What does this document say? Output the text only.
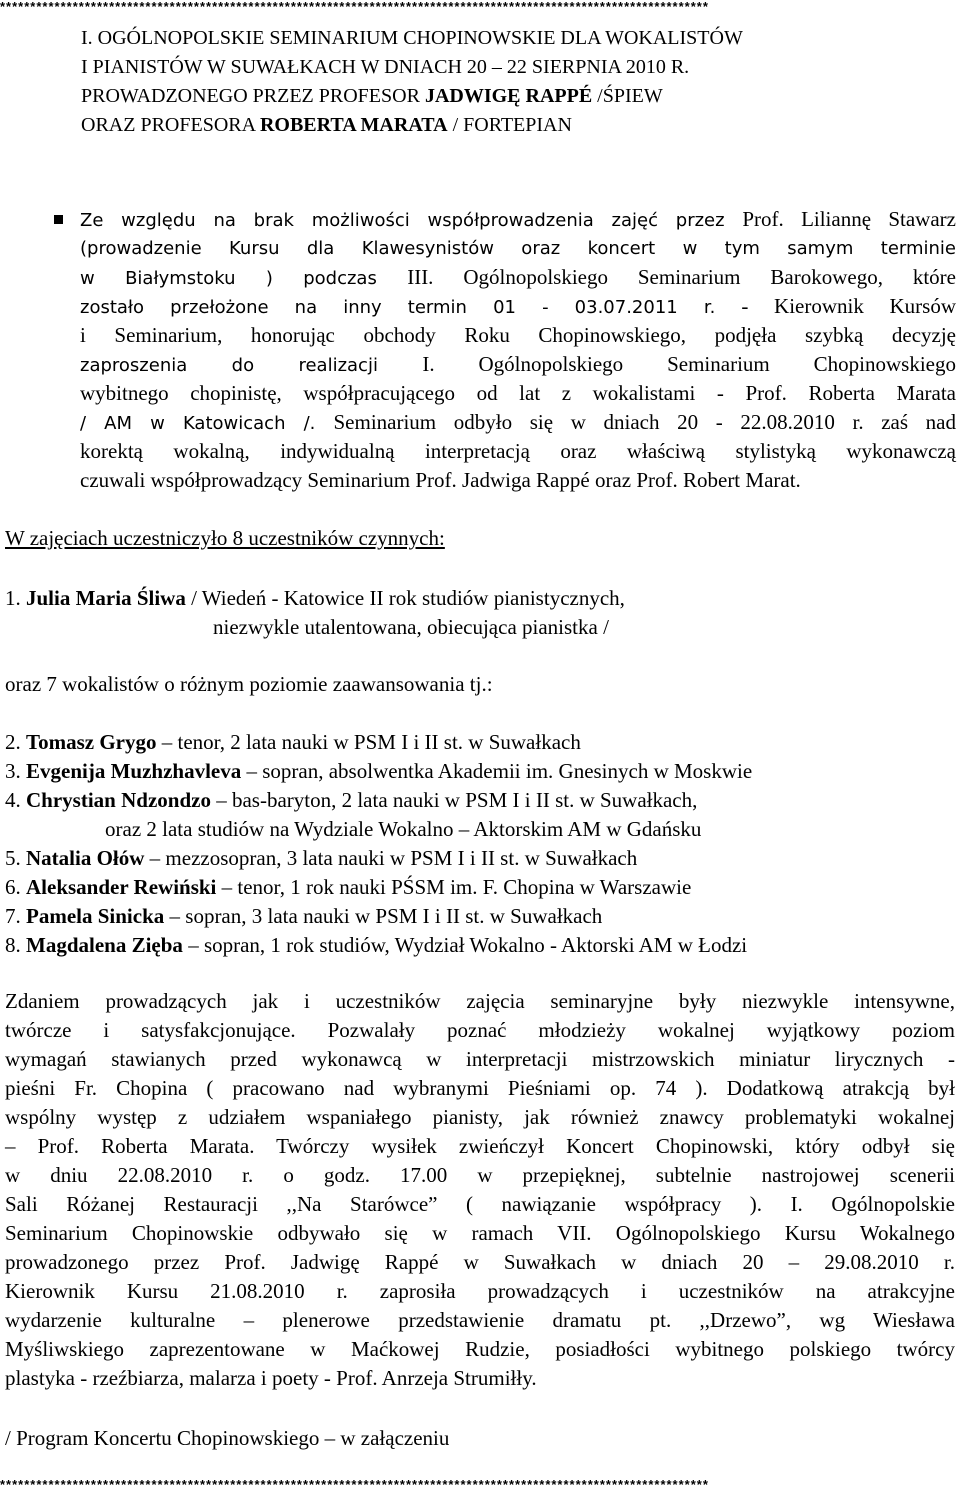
*********************************************************************************************************************
I. OGÓLNOPOLSKIE SEMINARIUM CHOPINOWSKIE DLA WOKALISTÓW
I PIANISTÓW W SUWAŁKACH W DNIACH 20 – 22 SIERPNIA 2010 R.
PROWADZONEGO PRZEZ PROFESOR JADWIGĘ RAPPÉ /ŚPIEW
ORAZ PROFESORA ROBERTA MARATA / FORTEPIAN
Ze względu na brak możliwości współprowadzenia zajęć przez Prof. Liliannę Stawarz
(prowadzenie Kursu dla Klawesynistów oraz koncert w tym samym terminie
w Białymstoku ) podczas III. Ogólnopolskiego Seminarium Barokowego, które
zostało przełożone na inny termin 01 - 03.07.2011 r. - Kierownik Kursów
i Seminarium, honorując obchody Roku Chopinowskiego, podjęła szybką decyzję
zaproszenia do realizacji I. Ogólnopolskiego Seminarium Chopinowskiego
wybitnego chopinistę, współpracującego od lat z wokalistami - Prof. Roberta Marata
/ AM w Katowicach /. Seminarium odbyło się w dniach 20 - 22.08.2010 r. zaś nad
korektą wokalną, indywidualną interpretacją oraz właściwą stylistyką wykonawczą
czuwali współprowadzący Seminarium Prof. Jadwiga Rappé oraz Prof. Robert Marat.
W zajęciach uczestniczyło 8 uczestników czynnych:
1. Julia Maria Śliwa / Wiedeń - Katowice II rok studiów pianistycznych,
niezwykle utalentowana, obiecująca pianistka /
oraz 7 wokalistów o różnym poziomie zaawansowania tj.:
2. Tomasz Grygo – tenor, 2 lata nauki w PSM I i II st. w Suwałkach
3. Evgenija Muzhzhavleva – sopran, absolwentka Akademii im. Gnesinych w Moskwie
4. Chrystian Ndzondzo – bas-baryton, 2 lata nauki w PSM I i II st. w Suwałkach,
oraz 2 lata studiów na Wydziale Wokalno – Aktorskim AM w Gdańsku
5. Natalia Ołów – mezzosopran, 3 lata nauki w PSM I i II st. w Suwałkach
6. Aleksander Rewiński – tenor, 1 rok nauki PŚSM im. F. Chopina w Warszawie
7. Pamela Sinicka – sopran, 3 lata nauki w PSM I i II st. w Suwałkach
8. Magdalena Zięba – sopran, 1 rok studiów, Wydział Wokalno - Aktorski AM w Łodzi
Zdaniem prowadzących jak i uczestników zajęcia seminaryjne były niezwykle intensywne,
twórcze i satysfakcjonujące. Pozwalały poznać młodzieży wokalnej wyjątkowy poziom
wymagań stawianych przed wykonawcą w interpretacji mistrzowskich miniatur lirycznych -
pieśni Fr. Chopina ( pracowano nad wybranymi Pieśniami op. 74 ). Dodatkową atrakcją był
wspólny występ z udziałem wspaniałego pianisty, jak również znawcy problematyki wokalnej
– Prof. Roberta Marata. Twórczy wysiłek zwieńczył Koncert Chopinowski, który odbył się
w dniu 22.08.2010 r. o godz. 17.00 w przepięknej, subtelnie nastrojowej scenerii
Sali Różanej Restauracji ,,Na Starówce” ( nawiązanie współpracy ). I. Ogólnopolskie
Seminarium Chopinowskie odbywało się w ramach VII. Ogólnopolskiego Kursu Wokalnego
prowadzonego przez Prof. Jadwigę Rappé w Suwałkach w dniach 20 – 29.08.2010 r.
Kierownik Kursu 21.08.2010 r. zaprosiła prowadzących i uczestników na atrakcyjne
wydarzenie kulturalne – plenerowe przedstawienie dramatu pt. ,,Drzewo”, wg Wiesława
Myśliwskiego zaprezentowane w Maćkowej Rudzie, posiadłości wybitnego polskiego twórcy
plastyka - rzeźbiarza, malarza i poety - Prof. Anrzeja Strumiłły.
/ Program Koncertu Chopinowskiego – w załączeniu
*********************************************************************************************************************
